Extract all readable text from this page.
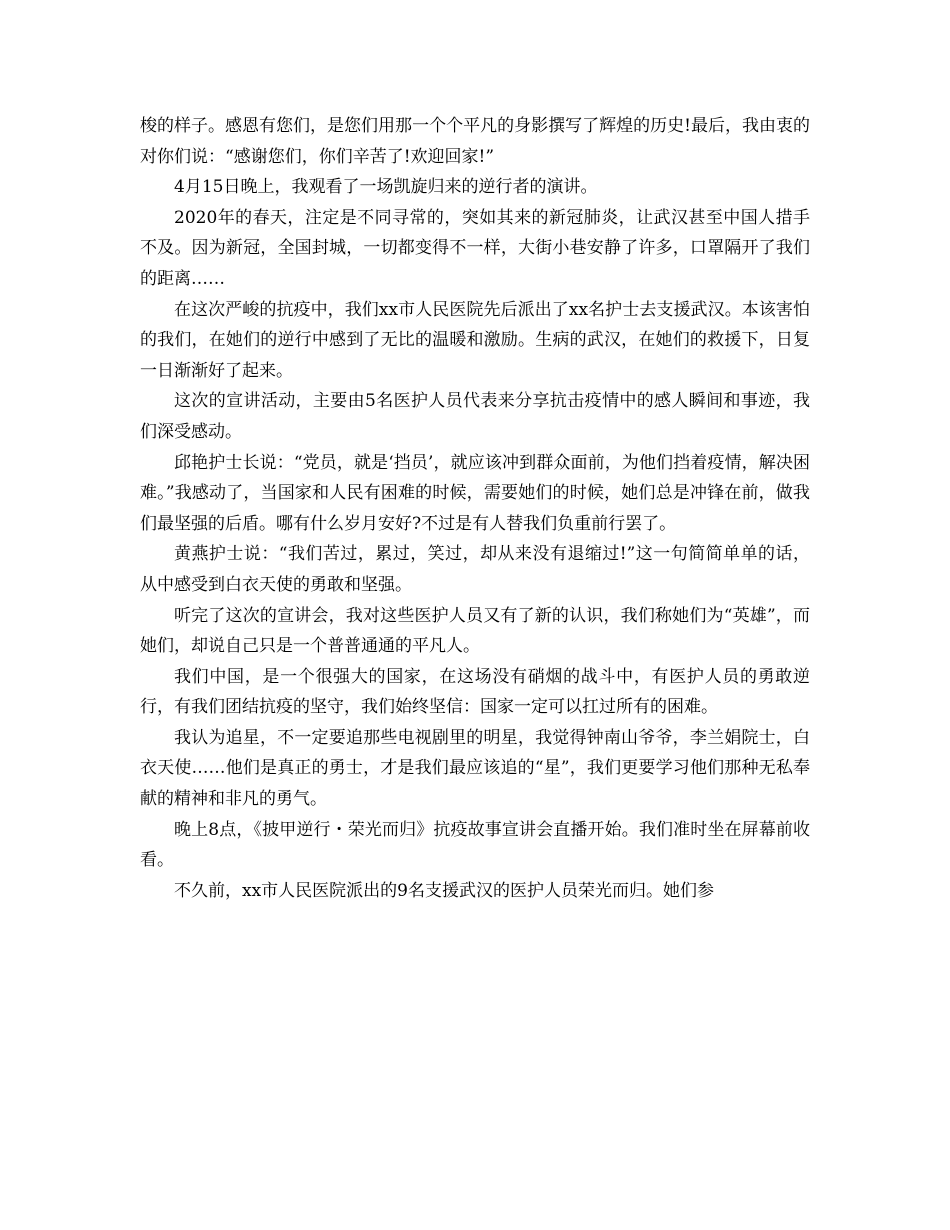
梭的样子。感恩有您们，是您们用那一个个平凡的身影撰写了辉煌的历史!最后，我由衷的对你们说：“感谢您们，你们辛苦了!欢迎回家!”

4月15日晚上，我观看了一场凯旋归来的逆行者的演讲。

2020年的春天，注定是不同寻常的，突如其来的新冠肺炎，让武汉甚至中国人措手不及。因为新冠，全国封城，一切都变得不一样，大街小巷安静了许多，口罩隔开了我们的距离……

在这次严峻的抗疫中，我们xx市人民医院先后派出了xx名护士去支援武汉。本该害怕的我们，在她们的逆行中感到了无比的温暖和激励。生病的武汉，在她们的救援下，日复一日渐渐好了起来。

这次的宣讲活动，主要由5名医护人员代表来分享抗击疫情中的感人瞬间和事迹，我们深受感动。

邱艳护士长说：“党员，就是‘挡员’，就应该冲到群众面前，为他们挡着疫情，解决困难。”我感动了，当国家和人民有困难的时候，需要她们的时候，她们总是冲锋在前，做我们最坚强的后盾。哪有什么岁月安好?不过是有人替我们负重前行罢了。

黄燕护士说：“我们苦过，累过，笑过，却从来没有退缩过!”这一句简简单单的话，从中感受到白衣天使的勇敢和坚强。

听完了这次的宣讲会，我对这些医护人员又有了新的认识，我们称她们为“英雄”，而她们，却说自己只是一个普普通通的平凡人。

我们中国，是一个很强大的国家，在这场没有硝烟的战斗中，有医护人员的勇敢逆行，有我们团结抗疫的坚守，我们始终坚信：国家一定可以扛过所有的困难。

我认为追星，不一定要追那些电视剧里的明星，我觉得钟南山爷爷，李兰娟院士，白衣天使……他们是真正的勇士，才是我们最应该追的“星”，我们更要学习他们那种无私奉献的精神和非凡的勇气。

晚上8点，《披甲逆行・荣光而归》抗疫故事宣讲会直播开始。我们准时坐在屏幕前收看。

不久前，xx市人民医院派出的9名支援武汉的医护人员荣光而归。她们参
